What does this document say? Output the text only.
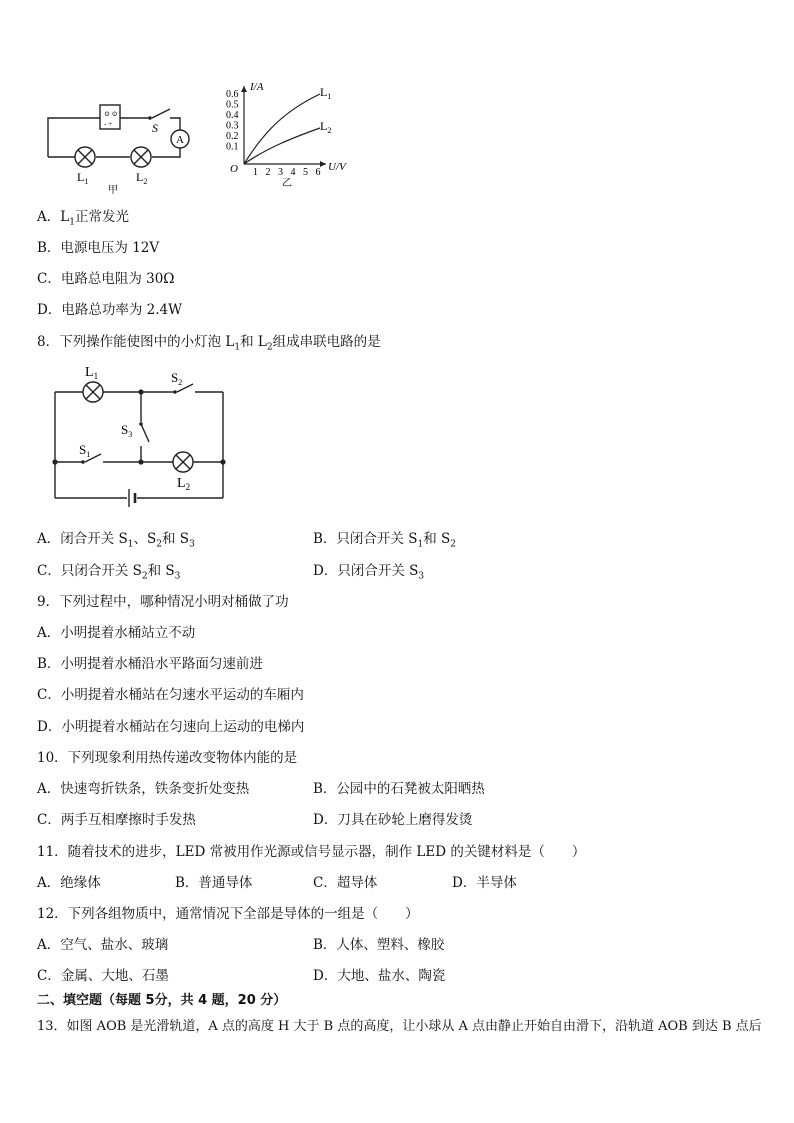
⊙ ⊙
- +	S
A
$L_1$	$L_2$
甲
0.6
0.5
0.4
0.3
0.2
0.1
1 2 3 4 5 6
I/A
U/V
O
$L_1$
$L_2$
乙
A．$L_1$正常发光
B．电源电压为 12V
C．电路总电阻为 30Ω
D．电路总功率为 2.4W
8．下列操作能使图中的小灯泡 $L_1$和 $L_2$组成串联电路的是
$L_1$	$S_2$
$S_3$
$S_1$
$L_2$
A．闭合开关 $S_1$、$S_2$和 $S_3$	B．只闭合开关 $S_1$和 $S_2$
C．只闭合开关 $S_2$和 $S_3$	D．只闭合开关 $S_3$
9．下列过程中，哪种情况小明对桶做了功
A．小明提着水桶站立不动
B．小明提着水桶沿水平路面匀速前进
C．小明提着水桶站在匀速水平运动的车厢内
D．小明提着水桶站在匀速向上运动的电梯内
10．下列现象利用热传递改变物体内能的是
A．快速弯折铁条，铁条变折处变热	B．公园中的石凳被太阳晒热
C．两手互相摩擦时手发热	D．刀具在砂轮上磨得发烫
11．随着技术的进步，LED 常被用作光源或信号显示器，制作 LED 的关键材料是（　　）
A．绝缘体	B．普通导体	C．超导体	D．半导体
12．下列各组物质中，通常情况下全部是导体的一组是（　　）
A．空气、盐水、玻璃	B．人体、塑料、橡胶
C．金属、大地、石墨	D．大地、盐水、陶瓷
二、填空题（每题 5分，共 4 题，20 分）
13．如图 AOB 是光滑轨道，A 点的高度 H 大于 B 点的高度，让小球从 A 点由静止开始自由滑下，沿轨道 AOB 到达 B 点后
